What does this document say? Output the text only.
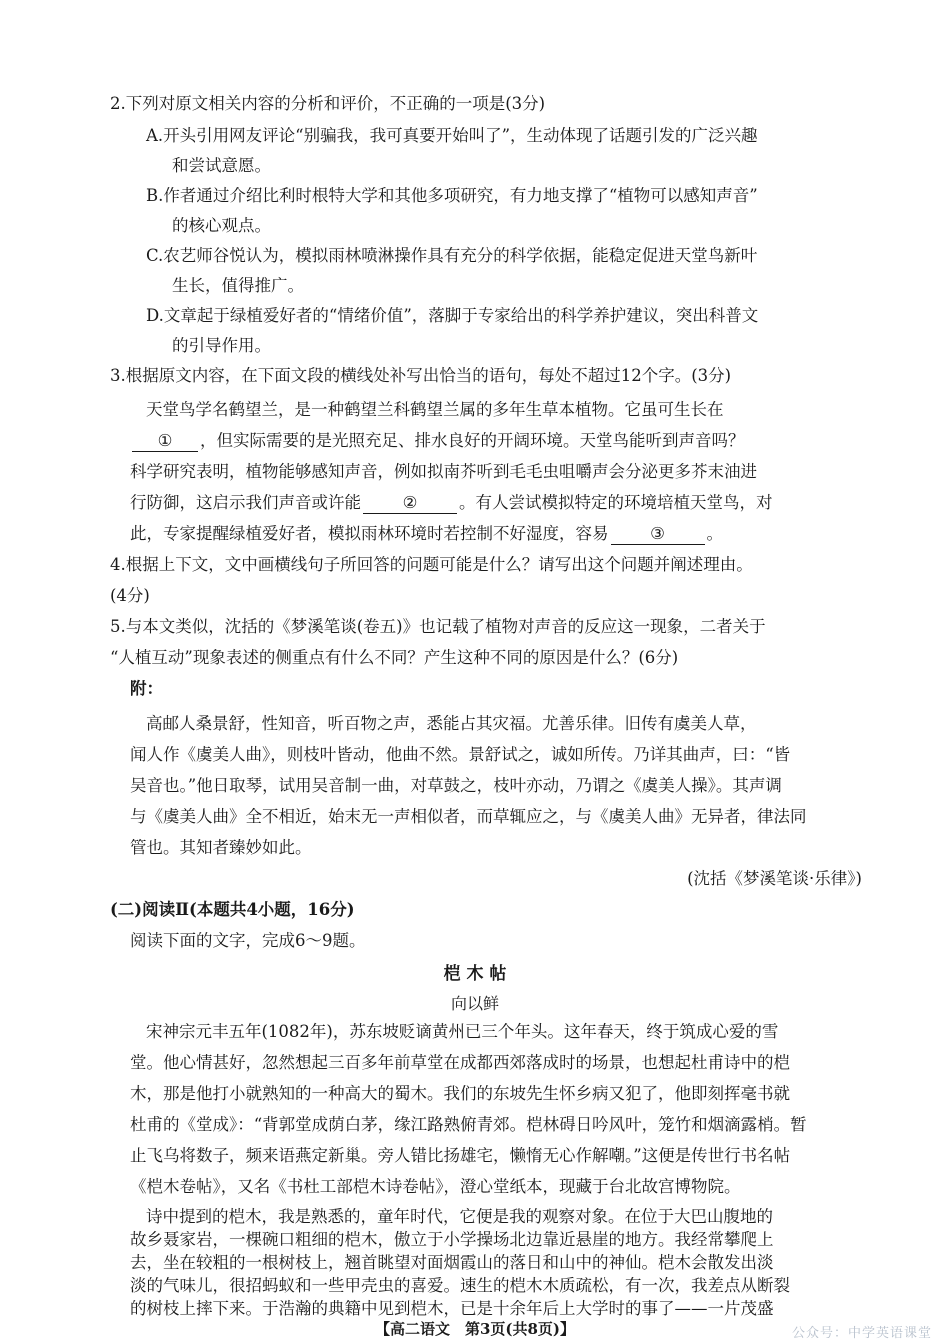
2.下列对原文相关内容的分析和评价，不正确的一项是(3分)
A.开头引用网友评论“别骗我，我可真要开始叫了”，生动体现了话题引发的广泛兴趣
和尝试意愿。
B.作者通过介绍比利时根特大学和其他多项研究，有力地支撑了“植物可以感知声音”
的核心观点。
C.农艺师谷悦认为，模拟雨林喷淋操作具有充分的科学依据，能稳定促进天堂鸟新叶
生长，值得推广。
D.文章起于绿植爱好者的“情绪价值”，落脚于专家给出的科学养护建议，突出科普文
的引导作用。
3.根据原文内容，在下面文段的横线处补写出恰当的语句，每处不超过12个字。(3分)
天堂鸟学名鹤望兰，是一种鹤望兰科鹤望兰属的多年生草本植物。它虽可生长在
① ，但实际需要的是光照充足、排水良好的开阔环境。天堂鸟能听到声音吗？
科学研究表明，植物能够感知声音，例如拟南芥听到毛毛虫咀嚼声会分泌更多芥末油进
行防御，这启示我们声音或许能	②	。有人尝试模拟特定的环境培植天堂鸟，对
此，专家提醒绿植爱好者，模拟雨林环境时若控制不好湿度，容易	③	。
4.根据上下文，文中画横线句子所回答的问题可能是什么？请写出这个问题并阐述理由。
(4分)
5.与本文类似，沈括的《梦溪笔谈(卷五)》也记载了植物对声音的反应这一现象，二者关于
“人植互动”现象表述的侧重点有什么不同？产生这种不同的原因是什么？(6分)
附：
高邮人桑景舒，性知音，听百物之声，悉能占其灾福。尤善乐律。旧传有虞美人草，
闻人作《虞美人曲》，则枝叶皆动，他曲不然。景舒试之，诚如所传。乃详其曲声，曰：“皆
吴音也。”他日取琴，试用吴音制一曲，对草鼓之，枝叶亦动，乃谓之《虞美人操》。其声调
与《虞美人曲》全不相近，始末无一声相似者，而草辄应之，与《虞美人曲》无异者，律法同
管也。其知者臻妙如此。
(沈括《梦溪笔谈·乐律》)
(二)阅读Ⅱ(本题共4小题，16分)
阅读下面的文字，完成6～9题。
桤 木 帖
向以鲜
宋神宗元丰五年(1082年)，苏东坡贬谪黄州已三个年头。这年春天，终于筑成心爱的雪
堂。他心情甚好，忽然想起三百多年前草堂在成都西郊落成时的场景，也想起杜甫诗中的桤
木，那是他打小就熟知的一种高大的蜀木。我们的东坡先生怀乡病又犯了，他即刻挥毫书就
杜甫的《堂成》：“背郭堂成荫白茅，缘江路熟俯青郊。桤林碍日吟风叶，笼竹和烟滴露梢。暂
止飞乌将数子，频来语燕定新巢。旁人错比扬雄宅，懒惰无心作解嘲。”这便是传世行书名帖
《桤木卷帖》，又名《书杜工部桤木诗卷帖》，澄心堂纸本，现藏于台北故宫博物院。
【高二语文　第3页(共8页)】	公众号：中学英语课堂
诗中提到的桤木，我是熟悉的，童年时代，它便是我的观察对象。在位于大巴山腹地的
故乡聂家岩，一棵碗口粗细的桤木，傲立于小学操场北边靠近悬崖的地方。我经常攀爬上
去，坐在较粗的一根树枝上，翘首眺望对面烟霞山的落日和山中的神仙。桤木会散发出淡
淡的气味儿，很招蚂蚁和一些甲壳虫的喜爱。速生的桤木木质疏松，有一次，我差点从断裂
的树枝上摔下来。于浩瀚的典籍中见到桤木，已是十余年后上大学时的事了——一片茂盛
